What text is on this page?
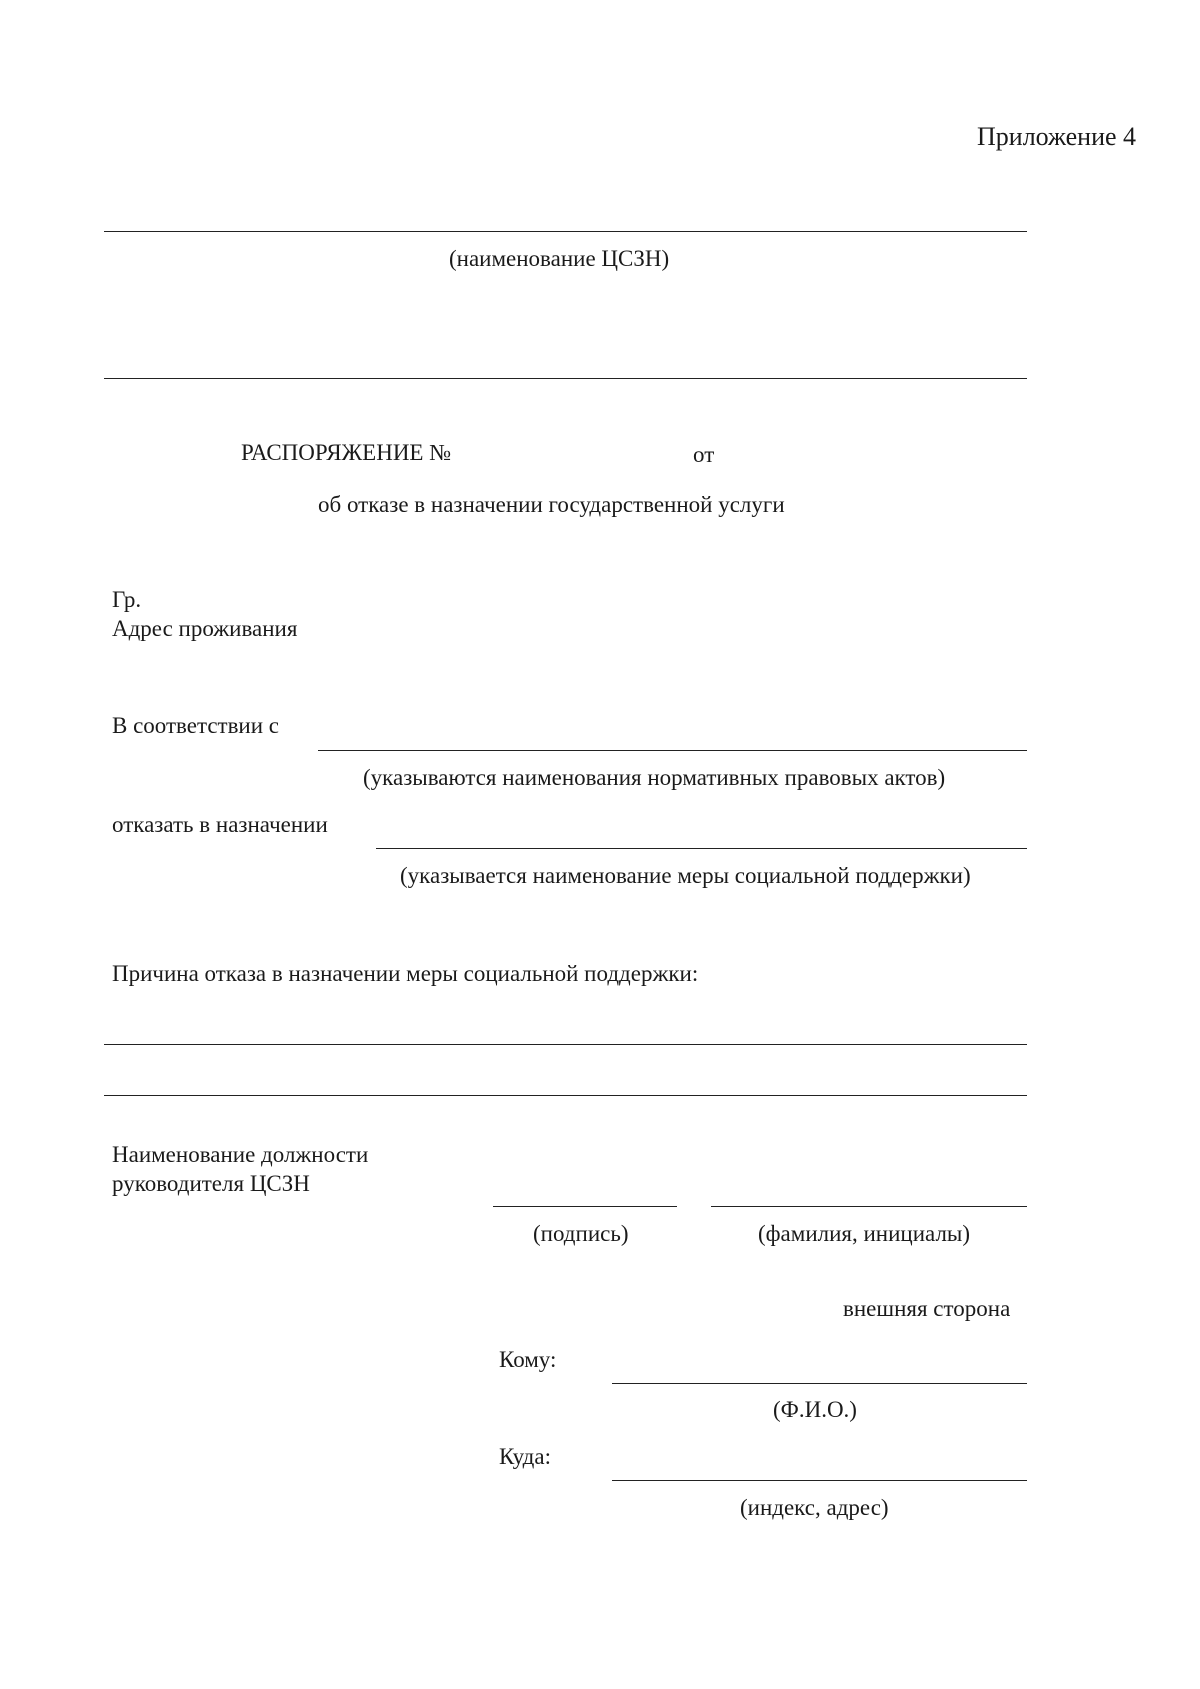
Приложение 4
(наименование ЦСЗН)
РАСПОРЯЖЕНИЕ №	от
об отказе в назначении государственной услуги
Гр.
Адрес проживания
В соответствии с
(указываются наименования нормативных правовых актов)
отказать в назначении
(указывается наименование меры социальной поддержки)
Причина отказа в назначении меры социальной поддержки:
Наименование должности
руководителя ЦСЗН
(подпись)	(фамилия, инициалы)
внешняя сторона
Кому:
(Ф.И.О.)
Куда:
(индекс, адрес)
